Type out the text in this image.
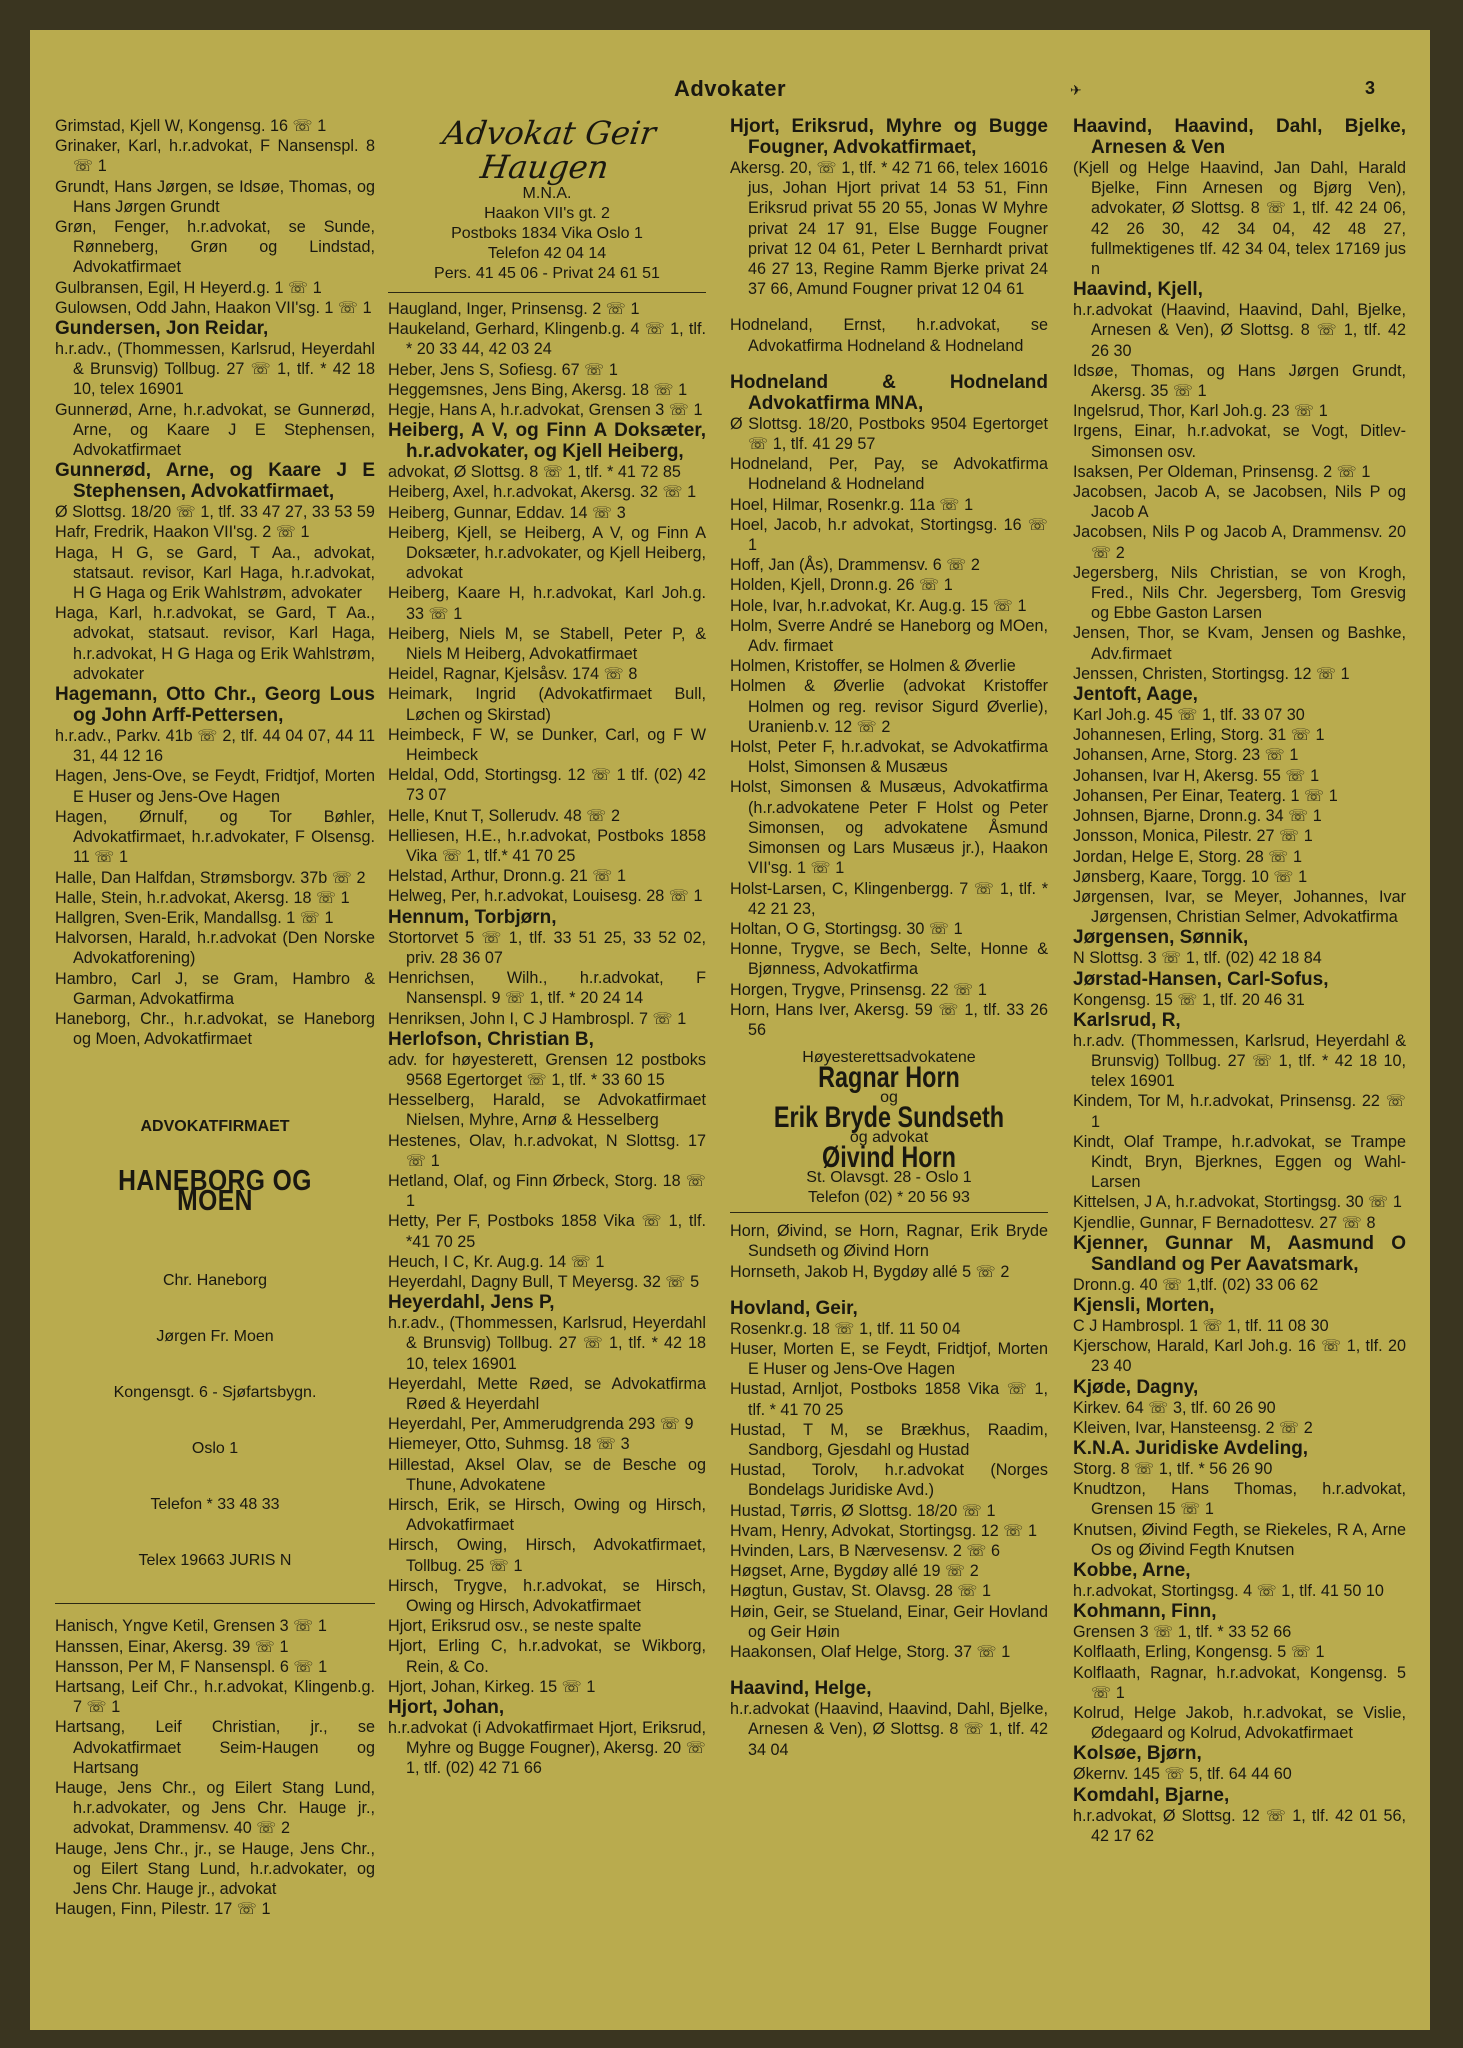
Advokater	✈	3

Grimstad, Kjell W, Kongensg. 16 ☏ 1

Grinaker, Karl, h.r.advokat, F Nansenspl. 8 ☏ 1

Grundt, Hans Jørgen, se Idsøe, Thomas, og Hans Jørgen Grundt

Grøn, Fenger, h.r.advokat, se Sunde, Rønneberg, Grøn og Lindstad, Advokatfirmaet

Gulbransen, Egil, H Heyerd.g. 1 ☏ 1

Gulowsen, Odd Jahn, Haakon VII'sg. 1 ☏ 1

Gundersen, Jon Reidar,

h.r.adv., (Thommessen, Karlsrud, Heyerdahl & Brunsvig) Tollbug. 27 ☏ 1, tlf. * 42 18 10, telex 16901

Gunnerød, Arne, h.r.advokat, se Gunnerød, Arne, og Kaare J E Stephensen, Advokatfirmaet

Gunnerød, Arne, og Kaare J E Stephensen, Advokatfirmaet,

Ø Slottsg. 18/20 ☏ 1, tlf. 33 47 27, 33 53 59

Hafr, Fredrik, Haakon VII'sg. 2 ☏ 1

Haga, H G, se Gard, T Aa., advokat, statsaut. revisor, Karl Haga, h.r.advokat, H G Haga og Erik Wahlstrøm, advokater

Haga, Karl, h.r.advokat, se Gard, T Aa., advokat, statsaut. revisor, Karl Haga, h.r.advokat, H G Haga og Erik Wahlstrøm, advokater

Hagemann, Otto Chr., Georg Lous og John Arff-Pettersen,

h.r.adv., Parkv. 41b ☏ 2, tlf. 44 04 07, 44 11 31, 44 12 16

Hagen, Jens-Ove, se Feydt, Fridtjof, Morten E Huser og Jens-Ove Hagen

Hagen, Ørnulf, og Tor Bøhler, Advokatfirmaet, h.r.advokater, F Olsensg. 11 ☏ 1

Halle, Dan Halfdan, Strømsborgv. 37b ☏ 2

Halle, Stein, h.r.advokat, Akersg. 18 ☏ 1

Hallgren, Sven-Erik, Mandallsg. 1 ☏ 1

Halvorsen, Harald, h.r.advokat (Den Norske Advokatforening)

Hambro, Carl J, se Gram, Hambro & Garman, Advokatfirma

Haneborg, Chr., h.r.advokat, se Haneborg og Moen, Advokatfirmaet

ADVOKATFIRMAET

HANEBORG OG MOEN

Chr. Haneborg

Jørgen Fr. Moen

Kongensgt. 6 - Sjøfartsbygn.

Oslo 1

Telefon * 33 48 33

Telex 19663 JURIS N

Hanisch, Yngve Ketil, Grensen 3 ☏ 1

Hanssen, Einar, Akersg. 39 ☏ 1

Hansson, Per M, F Nansenspl. 6 ☏ 1

Hartsang, Leif Chr., h.r.advokat, Klingenb.g. 7 ☏ 1

Hartsang, Leif Christian, jr., se Advokatfirmaet Seim-Haugen og Hartsang

Hauge, Jens Chr., og Eilert Stang Lund, h.r.advokater, og Jens Chr. Hauge jr., advokat, Drammensv. 40 ☏ 2

Hauge, Jens Chr., jr., se Hauge, Jens Chr., og Eilert Stang Lund, h.r.advokater, og Jens Chr. Hauge jr., advokat

Haugen, Finn, Pilestr. 17 ☏ 1

Advokat Geir Haugen

M.N.A.

Haakon VII's gt. 2

Postboks 1834 Vika Oslo 1

Telefon 42 04 14

Pers. 41 45 06 - Privat 24 61 51

Haugland, Inger, Prinsensg. 2 ☏ 1

Haukeland, Gerhard, Klingenb.g. 4 ☏ 1, tlf. * 20 33 44, 42 03 24

Heber, Jens S, Sofiesg. 67 ☏ 1

Heggemsnes, Jens Bing, Akersg. 18 ☏ 1

Hegje, Hans A, h.r.advokat, Grensen 3 ☏ 1

Heiberg, A V, og Finn A Doksæter, h.r.advokater, og Kjell Heiberg,

advokat, Ø Slottsg. 8 ☏ 1, tlf. * 41 72 85

Heiberg, Axel, h.r.advokat, Akersg. 32 ☏ 1

Heiberg, Gunnar, Eddav. 14 ☏ 3

Heiberg, Kjell, se Heiberg, A V, og Finn A Doksæter, h.r.advokater, og Kjell Heiberg, advokat

Heiberg, Kaare H, h.r.advokat, Karl Joh.g. 33 ☏ 1

Heiberg, Niels M, se Stabell, Peter P, & Niels M Heiberg, Advokatfirmaet

Heidel, Ragnar, Kjelsåsv. 174 ☏ 8

Heimark, Ingrid (Advokatfirmaet Bull, Løchen og Skirstad)

Heimbeck, F W, se Dunker, Carl, og F W Heimbeck

Heldal, Odd, Stortingsg. 12 ☏ 1 tlf. (02) 42 73 07

Helle, Knut T, Sollerudv. 48 ☏ 2

Helliesen, H.E., h.r.advokat, Postboks 1858 Vika ☏ 1, tlf.* 41 70 25

Helstad, Arthur, Dronn.g. 21 ☏ 1

Helweg, Per, h.r.advokat, Louisesg. 28 ☏ 1

Hennum, Torbjørn,

Stortorvet 5 ☏ 1, tlf. 33 51 25, 33 52 02, priv. 28 36 07

Henrichsen, Wilh., h.r.advokat, F Nansenspl. 9 ☏ 1, tlf. * 20 24 14

Henriksen, John I, C J Hambrospl. 7 ☏ 1

Herlofson, Christian B,

adv. for høyesterett, Grensen 12 postboks 9568 Egertorget ☏ 1, tlf. * 33 60 15

Hesselberg, Harald, se Advokatfirmaet Nielsen, Myhre, Arnø & Hesselberg

Hestenes, Olav, h.r.advokat, N Slottsg. 17 ☏ 1

Hetland, Olaf, og Finn Ørbeck, Storg. 18 ☏ 1

Hetty, Per F, Postboks 1858 Vika ☏ 1, tlf. *41 70 25

Heuch, I C, Kr. Aug.g. 14 ☏ 1

Heyerdahl, Dagny Bull, T Meyersg. 32 ☏ 5

Heyerdahl, Jens P,

h.r.adv., (Thommessen, Karlsrud, Heyerdahl & Brunsvig) Tollbug. 27 ☏ 1, tlf. * 42 18 10, telex 16901

Heyerdahl, Mette Røed, se Advokatfirma Røed & Heyerdahl

Heyerdahl, Per, Ammerudgrenda 293 ☏ 9

Hiemeyer, Otto, Suhmsg. 18 ☏ 3

Hillestad, Aksel Olav, se de Besche og Thune, Advokatene

Hirsch, Erik, se Hirsch, Owing og Hirsch, Advokatfirmaet

Hirsch, Owing, Hirsch, Advokatfirmaet, Tollbug. 25 ☏ 1

Hirsch, Trygve, h.r.advokat, se Hirsch, Owing og Hirsch, Advokatfirmaet

Hjort, Eriksrud osv., se neste spalte

Hjort, Erling C, h.r.advokat, se Wikborg, Rein, & Co.

Hjort, Johan, Kirkeg. 15 ☏ 1

Hjort, Johan,

h.r.advokat (i Advokatfirmaet Hjort, Eriksrud, Myhre og Bugge Fougner), Akersg. 20 ☏ 1, tlf. (02) 42 71 66

Hjort, Eriksrud, Myhre og Bugge Fougner, Advokatfirmaet,

Akersg. 20, ☏ 1, tlf. * 42 71 66, telex 16016 jus, Johan Hjort privat 14 53 51, Finn Eriksrud privat 55 20 55, Jonas W Myhre privat 24 17 91, Else Bugge Fougner privat 12 04 61, Peter L Bernhardt privat 46 27 13, Regine Ramm Bjerke privat 24 37 66, Amund Fougner privat 12 04 61

Hodneland, Ernst, h.r.advokat, se Advokatfirma Hodneland & Hodneland

Hodneland & Hodneland Advokatfirma MNA,

Ø Slottsg. 18/20, Postboks 9504 Egertorget ☏ 1, tlf. 41 29 57

Hodneland, Per, Pay, se Advokatfirma Hodneland & Hodneland

Hoel, Hilmar, Rosenkr.g. 11a ☏ 1

Hoel, Jacob, h.r advokat, Stortingsg. 16 ☏ 1

Hoff, Jan (Ås), Drammensv. 6 ☏ 2

Holden, Kjell, Dronn.g. 26 ☏ 1

Hole, Ivar, h.r.advokat, Kr. Aug.g. 15 ☏ 1

Holm, Sverre André se Haneborg og MOen, Adv. firmaet

Holmen, Kristoffer, se Holmen & Øverlie

Holmen & Øverlie (advokat Kristoffer Holmen og reg. revisor Sigurd Øverlie), Uranienb.v. 12 ☏ 2

Holst, Peter F, h.r.advokat, se Advokatfirma Holst, Simonsen & Musæus

Holst, Simonsen & Musæus, Advokatfirma (h.r.advokatene Peter F Holst og Peter Simonsen, og advokatene Åsmund Simonsen og Lars Musæus jr.), Haakon VII'sg. 1 ☏ 1

Holst-Larsen, C, Klingenbergg. 7 ☏ 1, tlf. * 42 21 23,

Holtan, O G, Stortingsg. 30 ☏ 1

Honne, Trygve, se Bech, Selte, Honne & Bjønness, Advokatfirma

Horgen, Trygve, Prinsensg. 22 ☏ 1

Horn, Hans Iver, Akersg. 59 ☏ 1, tlf. 33 26 56

Høyesterettsadvokatene

Ragnar Horn

og

Erik Bryde Sundseth

og advokat

Øivind Horn

St. Olavsgt. 28 - Oslo 1

Telefon (02) * 20 56 93

Horn, Øivind, se Horn, Ragnar, Erik Bryde Sundseth og Øivind Horn

Hornseth, Jakob H, Bygdøy allé 5 ☏ 2

Hovland, Geir,

Rosenkr.g. 18 ☏ 1, tlf. 11 50 04

Huser, Morten E, se Feydt, Fridtjof, Morten E Huser og Jens-Ove Hagen

Hustad, Arnljot, Postboks 1858 Vika ☏ 1, tlf. * 41 70 25

Hustad, T M, se Brækhus, Raadim, Sandborg, Gjesdahl og Hustad

Hustad, Torolv, h.r.advokat (Norges Bondelags Juridiske Avd.)

Hustad, Tørris, Ø Slottsg. 18/20 ☏ 1

Hvam, Henry, Advokat, Stortingsg. 12 ☏ 1

Hvinden, Lars, B Nærvesensv. 2 ☏ 6

Høgset, Arne, Bygdøy allé 19 ☏ 2

Høgtun, Gustav, St. Olavsg. 28 ☏ 1

Høin, Geir, se Stueland, Einar, Geir Hovland og Geir Høin

Haakonsen, Olaf Helge, Storg. 37 ☏ 1

Haavind, Helge,

h.r.advokat (Haavind, Haavind, Dahl, Bjelke, Arnesen & Ven), Ø Slottsg. 8 ☏ 1, tlf. 42 34 04

Haavind, Haavind, Dahl, Bjelke, Arnesen & Ven

(Kjell og Helge Haavind, Jan Dahl, Harald Bjelke, Finn Arnesen og Bjørg Ven), advokater, Ø Slottsg. 8 ☏ 1, tlf. 42 24 06, 42 26 30, 42 34 04, 42 48 27, fullmektigenes tlf. 42 34 04, telex 17169 jus n

Haavind, Kjell,

h.r.advokat (Haavind, Haavind, Dahl, Bjelke, Arnesen & Ven), Ø Slottsg. 8 ☏ 1, tlf. 42 26 30

Idsøe, Thomas, og Hans Jørgen Grundt, Akersg. 35 ☏ 1

Ingelsrud, Thor, Karl Joh.g. 23 ☏ 1

Irgens, Einar, h.r.advokat, se Vogt, Ditlev-Simonsen osv.

Isaksen, Per Oldeman, Prinsensg. 2 ☏ 1

Jacobsen, Jacob A, se Jacobsen, Nils P og Jacob A

Jacobsen, Nils P og Jacob A, Drammensv. 20 ☏ 2

Jegersberg, Nils Christian, se von Krogh, Fred., Nils Chr. Jegersberg, Tom Gresvig og Ebbe Gaston Larsen

Jensen, Thor, se Kvam, Jensen og Bashke, Adv.firmaet

Jenssen, Christen, Stortingsg. 12 ☏ 1

Jentoft, Aage,

Karl Joh.g. 45 ☏ 1, tlf. 33 07 30

Johannesen, Erling, Storg. 31 ☏ 1

Johansen, Arne, Storg. 23 ☏ 1

Johansen, Ivar H, Akersg. 55 ☏ 1

Johansen, Per Einar, Teaterg. 1 ☏ 1

Johnsen, Bjarne, Dronn.g. 34 ☏ 1

Jonsson, Monica, Pilestr. 27 ☏ 1

Jordan, Helge E, Storg. 28 ☏ 1

Jønsberg, Kaare, Torgg. 10 ☏ 1

Jørgensen, Ivar, se Meyer, Johannes, Ivar Jørgensen, Christian Selmer, Advokatfirma

Jørgensen, Sønnik,

N Slottsg. 3 ☏ 1, tlf. (02) 42 18 84

Jørstad-Hansen, Carl-Sofus,

Kongensg. 15 ☏ 1, tlf. 20 46 31

Karlsrud, R,

h.r.adv. (Thommessen, Karlsrud, Heyerdahl & Brunsvig) Tollbug. 27 ☏ 1, tlf. * 42 18 10, telex 16901

Kindem, Tor M, h.r.advokat, Prinsensg. 22 ☏ 1

Kindt, Olaf Trampe, h.r.advokat, se Trampe Kindt, Bryn, Bjerknes, Eggen og Wahl-Larsen

Kittelsen, J A, h.r.advokat, Stortingsg. 30 ☏ 1

Kjendlie, Gunnar, F Bernadottesv. 27 ☏ 8

Kjenner, Gunnar M, Aasmund O Sandland og Per Aavatsmark,

Dronn.g. 40 ☏ 1,tlf. (02) 33 06 62

Kjensli, Morten,

C J Hambrospl. 1 ☏ 1, tlf. 11 08 30

Kjerschow, Harald, Karl Joh.g. 16 ☏ 1, tlf. 20 23 40

Kjøde, Dagny,

Kirkev. 64 ☏ 3, tlf. 60 26 90

Kleiven, Ivar, Hansteensg. 2 ☏ 2

K.N.A. Juridiske Avdeling,

Storg. 8 ☏ 1, tlf. * 56 26 90

Knudtzon, Hans Thomas, h.r.advokat, Grensen 15 ☏ 1

Knutsen, Øivind Fegth, se Riekeles, R A, Arne Os og Øivind Fegth Knutsen

Kobbe, Arne,

h.r.advokat, Stortingsg. 4 ☏ 1, tlf. 41 50 10

Kohmann, Finn,

Grensen 3 ☏ 1, tlf. * 33 52 66

Kolflaath, Erling, Kongensg. 5 ☏ 1

Kolflaath, Ragnar, h.r.advokat, Kongensg. 5 ☏ 1

Kolrud, Helge Jakob, h.r.advokat, se Vislie, Ødegaard og Kolrud, Advokatfirmaet

Kolsøe, Bjørn,

Økernv. 145 ☏ 5, tlf. 64 44 60

Komdahl, Bjarne,

h.r.advokat, Ø Slottsg. 12 ☏ 1, tlf. 42 01 56, 42 17 62
